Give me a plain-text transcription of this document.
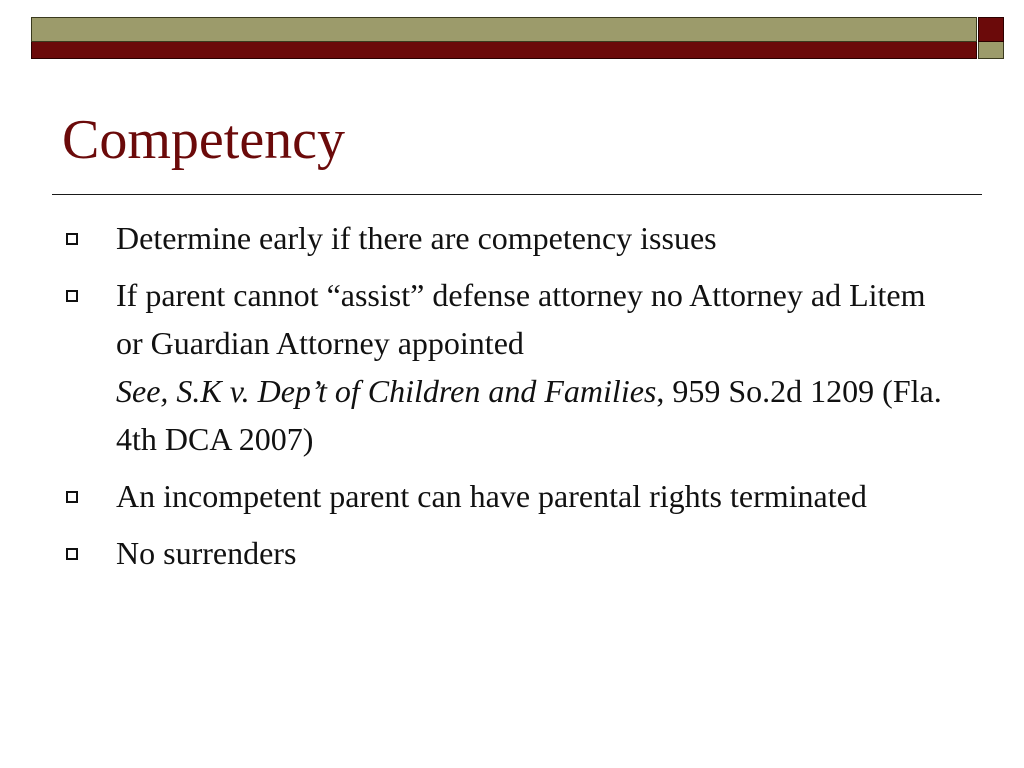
Competency
Determine early if there are competency issues
If parent cannot “assist” defense attorney no Attorney ad Litem or Guardian Attorney appointed
See, S.K v. Dep’t of Children and Families, 959 So.2d 1209 (Fla. 4th DCA 2007)
An incompetent parent can have parental rights terminated
No surrenders
